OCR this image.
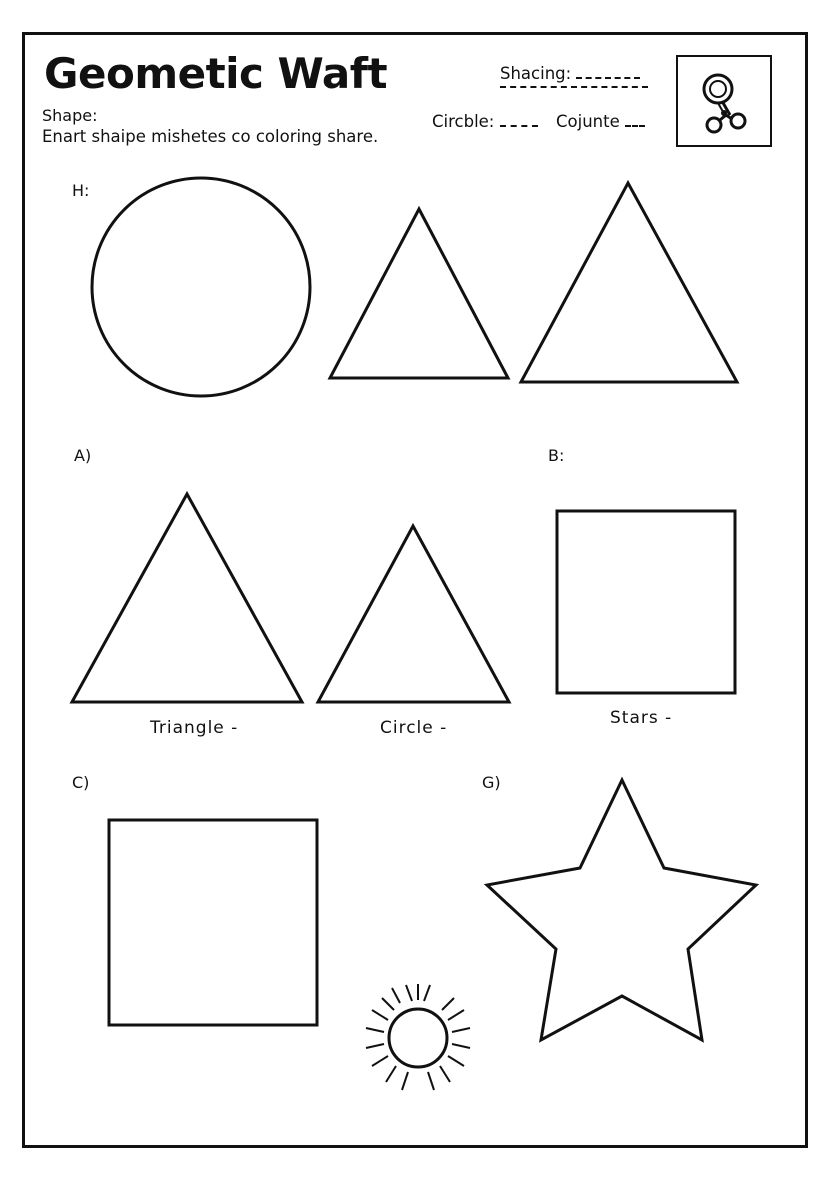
Geometic Waft
Shape:
Enart shaipe mishetes co coloring share.
Shacing:
Circble:	Cojunte
H:
A)	B:
C)	G)
Triangle -	Circle -	Stars -
